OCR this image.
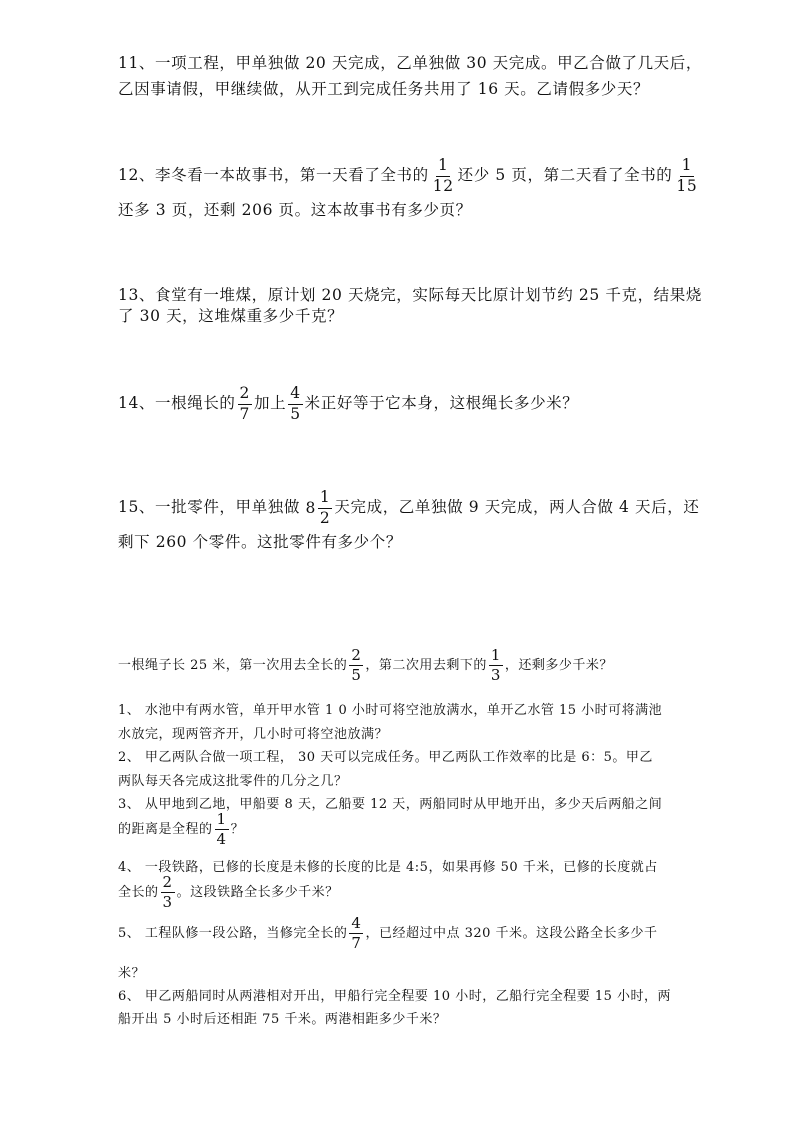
11、一项工程，甲单独做 20 天完成，乙单独做 30 天完成。甲乙合做了几天后，
乙因事请假，甲继续做，从开工到完成任务共用了 16 天。乙请假多少天？
12、李冬看一本故事书，第一天看了全书的 $\frac{1}{12}$ 还少 5 页，第二天看了全书的 $\frac{1}{15}$
还多 3 页，还剩 206 页。这本故事书有多少页？
13、食堂有一堆煤，原计划 20 天烧完，实际每天比原计划节约 25 千克，结果烧
了 30 天，这堆煤重多少千克？
14、一根绳长的 $\frac{2}{7}$ 加上 $\frac{4}{5}$ 米正好等于它本身，这根绳长多少米？
15、一批零件，甲单独做 $8 \frac{1}{2}$ 天完成，乙单独做 9 天完成，两人合做 4 天后，还
剩下 260 个零件。这批零件有多少个？
一根绳子长 25 米，第一次用去全长的 $\frac{2}{5}$ ，第二次用去剩下的 $\frac{1}{3}$ ，还剩多少千米？
1、 水池中有两水管，单开甲水管 1 0 小时可将空池放满水，单开乙水管 15 小时可将满池
水放完，现两管齐开，几小时可将空池放满？
2、 甲乙两队合做一项工程， 30 天可以完成任务。甲乙两队工作效率的比是 6：5。甲乙
两队每天各完成这批零件的几分之几？
3、 从甲地到乙地，甲船要 8 天，乙船要 12 天，两船同时从甲地开出，多少天后两船之间
的距离是全程的 $\frac{1}{4}$ ？
4、 一段铁路，已修的长度是未修的长度的比是 4:5，如果再修 50 千米，已修的长度就占
全长的 $\frac{2}{3}$ 。这段铁路全长多少千米？
5、 工程队修一段公路，当修完全长的 $\frac{4}{7}$ ，已经超过中点 320 千米。这段公路全长多少千
米？
6、 甲乙两船同时从两港相对开出，甲船行完全程要 10 小时，乙船行完全程要 15 小时，两
船开出 5 小时后还相距 75 千米。两港相距多少千米？
